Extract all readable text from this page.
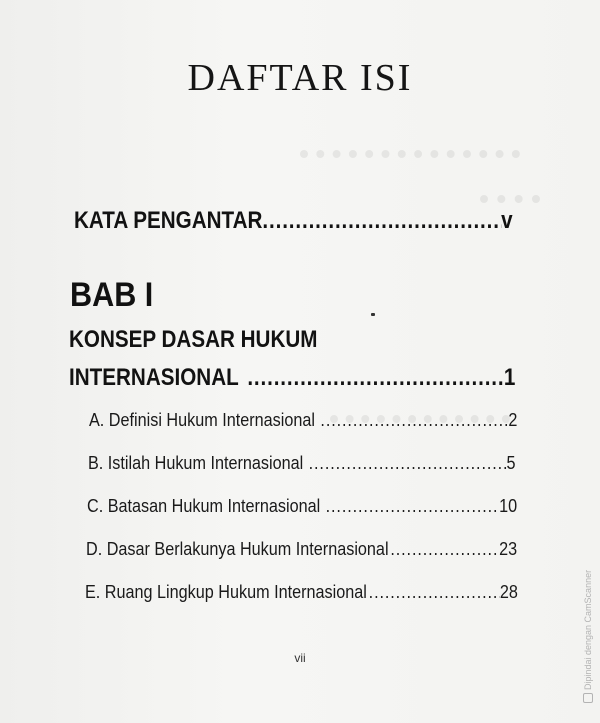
DAFTAR ISI
KATA PENGANTAR .....	v
BAB I
KONSEP DASAR HUKUM
INTERNASIONAL .....	1
A. Definisi Hukum Internasional .....	2
B. Istilah Hukum Internasional .....	5
C. Batasan Hukum Internasional .....	10
D. Dasar Berlakunya Hukum Internasional .....	23
E. Ruang Lingkup Hukum Internasional .....	28
vii	Dipindai dengan CamScanner
